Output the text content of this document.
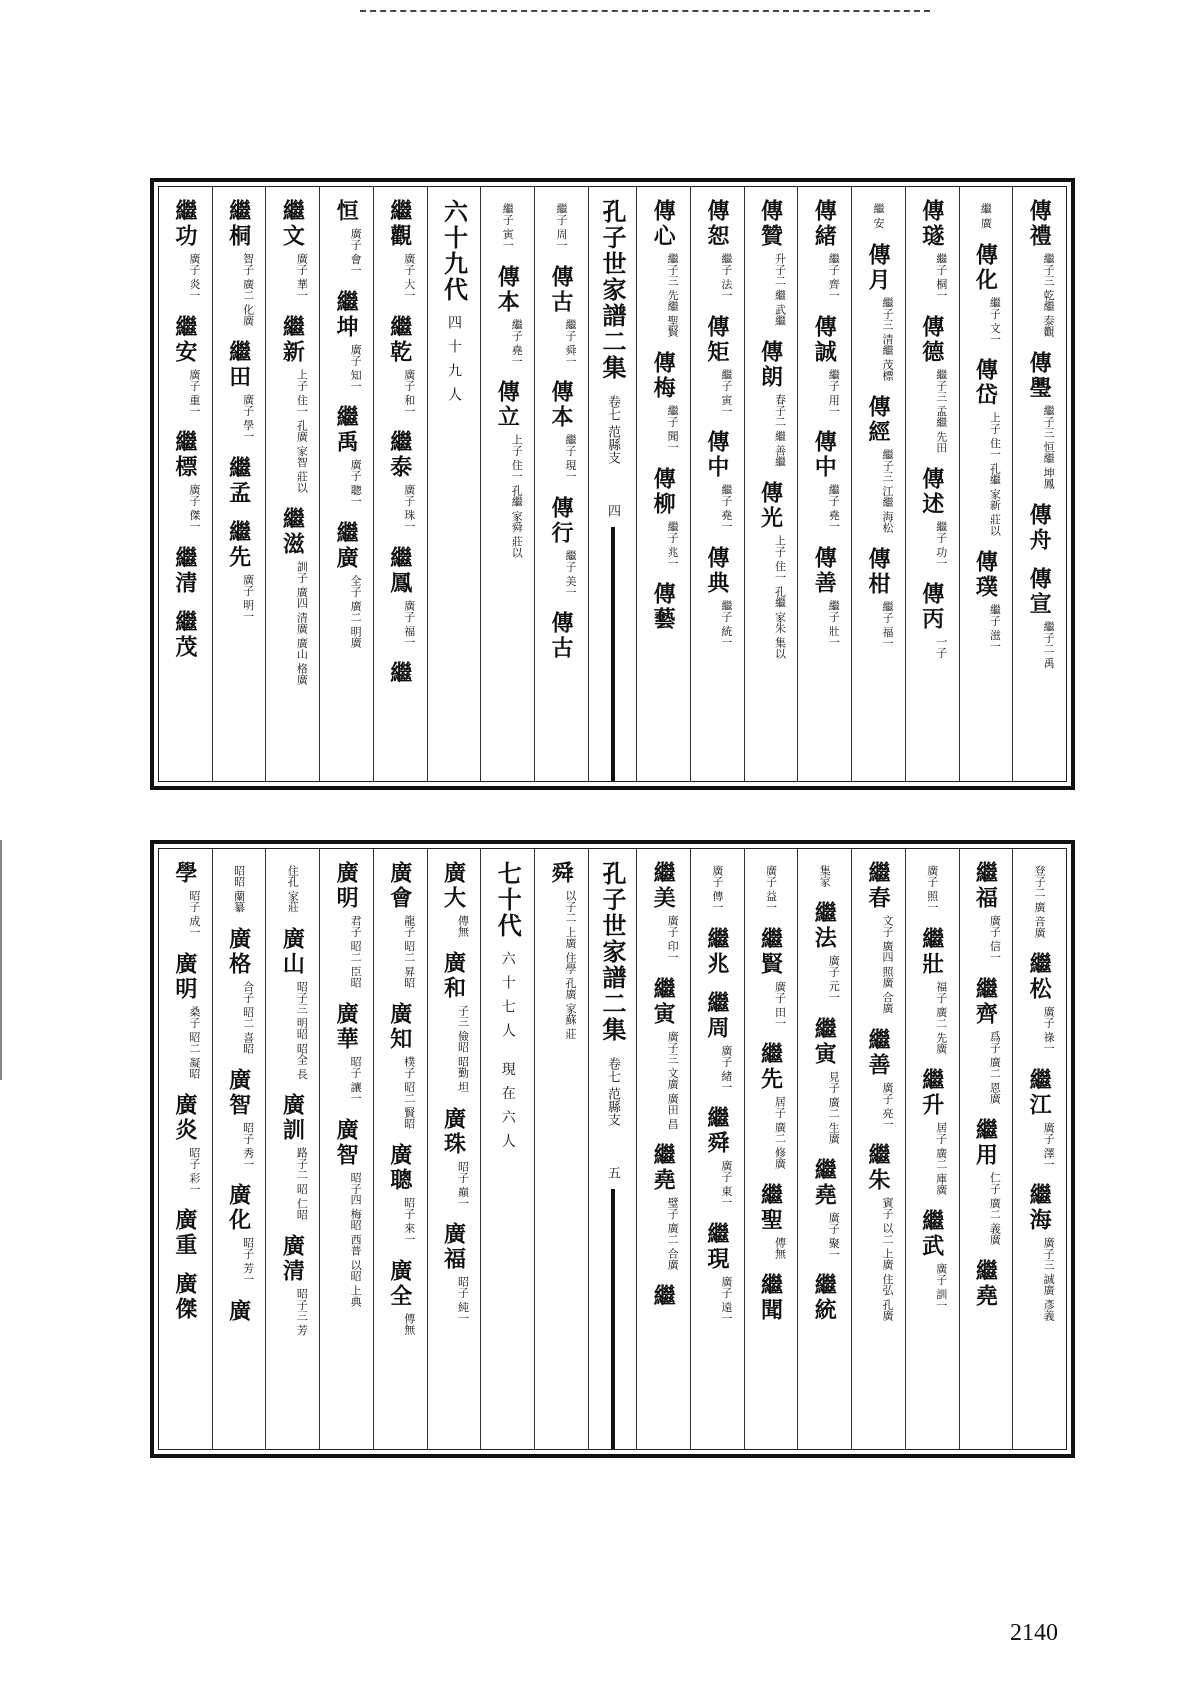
傳禮
繼子三 乾繼 泰觀
傳璺
繼子三 恒繼 坤鳳
傳舟
傳宣
繼子二 禹
繼 廣
傳化
繼子 文一
傳岱
上子 住一 孔繼 家新 莊以
傳璞
繼子 滋一
傳璲
繼子 桐一
傳德
繼子三 孟繼 先田
傳述
繼子 功一
傳丙
一子
繼 安
傳月
繼子三 清繼 茂標
傳經
繼子三 江繼 海松
傳柑
繼子 福一
傳緒
繼子 齊一
傳誠
繼子 用一
傳中
繼子 堯一
傳善
繼子 壯一
傳贊
升子二 繼 武繼
傳朗
春子二 繼 善繼
傳光
上子 住一 孔繼 家朱 集以
傳恕
繼子 法一
傳矩
繼子 寅一
傳中
繼子 堯一
傳典
繼子 統一
傳心
繼子三 先繼 聖賢
傳梅
繼子 聞一
傳柳
繼子 兆一
傳藝
孔子世家譜
二集
卷七 范縣支
四
繼子 周一
傳古
繼子 舜一
傳本
繼子 現一
傳行
繼子 美一
傳古
繼子 寅一
傳本
繼子 堯一
傳立
上子 住一 孔繼 家舜 莊以
六十九代
四十九人
繼觀
廣子 大一
繼乾
廣子 和一
繼泰
廣子 珠一
繼鳳
廣子 福一
繼
恒
廣子 會一
繼坤
廣子 知一
繼禹
廣子 聰一
繼廣
全子 廣二 明廣
繼文
廣子 華一
繼新
上子 住一 孔廣 家智 莊以
繼滋
訓子 廣四 清廣 廣山 格廣
繼桐
智子 廣二 化廣
繼田
廣子 學一
繼孟
繼先
廣子 明一
繼功
廣子 炎一
繼安
廣子 重一
繼標
廣子 傑一
繼清
繼茂
登子二 廣 音廣
繼松
廣子 祿一
繼江
廣子 澤一
繼海
廣子三 誠廣 彥義
繼福
廣子 信一
繼齊
爲子 廣二 恩廣
繼用
仁子 廣二 義廣
繼堯
廣子 照一
繼壯
福子 廣二 先廣
繼升
居子 廣二 庫廣
繼武
廣子 訓一
繼春
文子 廣四 照廣 合廣
繼善
廣子 亮一
繼朱
賓子 以二 上廣 住弘 孔廣
集家
繼法
廣子 元一
繼寅
見子 廣二 生廣
繼堯
廣子 聚一
繼統
廣子 益一
繼賢
廣子 田一
繼先
居子 廣二 修廣
繼聖
傳無
繼聞
廣子 傳一
繼兆
繼周
廣子 緒一
繼舜
廣子 東一
繼現
廣子 遠一
繼美
廣子 印一
繼寅
廣子三 文廣 廣田 昌
繼堯
璧子 廣二 合廣
繼
孔子世家譜
二集
卷七 范縣支
五
舜
以子二 上廣 住學 孔廣 家蘇 莊
七十代
六十七人 現在六人
廣大
傳無
廣和
子三 儉昭 昭勤 坦
廣珠
昭子 巔一
廣福
昭子 純一
廣會
龍子 昭二 昇昭
廣知
樸子 昭二 賢昭
廣聰
昭子 來一
廣全
傳無
廣明
君子 昭二 臣昭
廣華
昭子 讓一
廣智
昭子四 梅昭 西普 以昭 上典
住孔 家莊
廣山
昭子三 明昭 昭全 長
廣訓
路子二 昭 仁昭
廣清
昭子三 芳
昭昭 蘭纂
廣格
合子 昭二 喜昭
廣智
昭子 秀一
廣化
昭子 芳一
廣
學
昭子 成一
廣明
桑子 昭二 凝昭
廣炎
昭子 彩一
廣重
廣傑
2140
